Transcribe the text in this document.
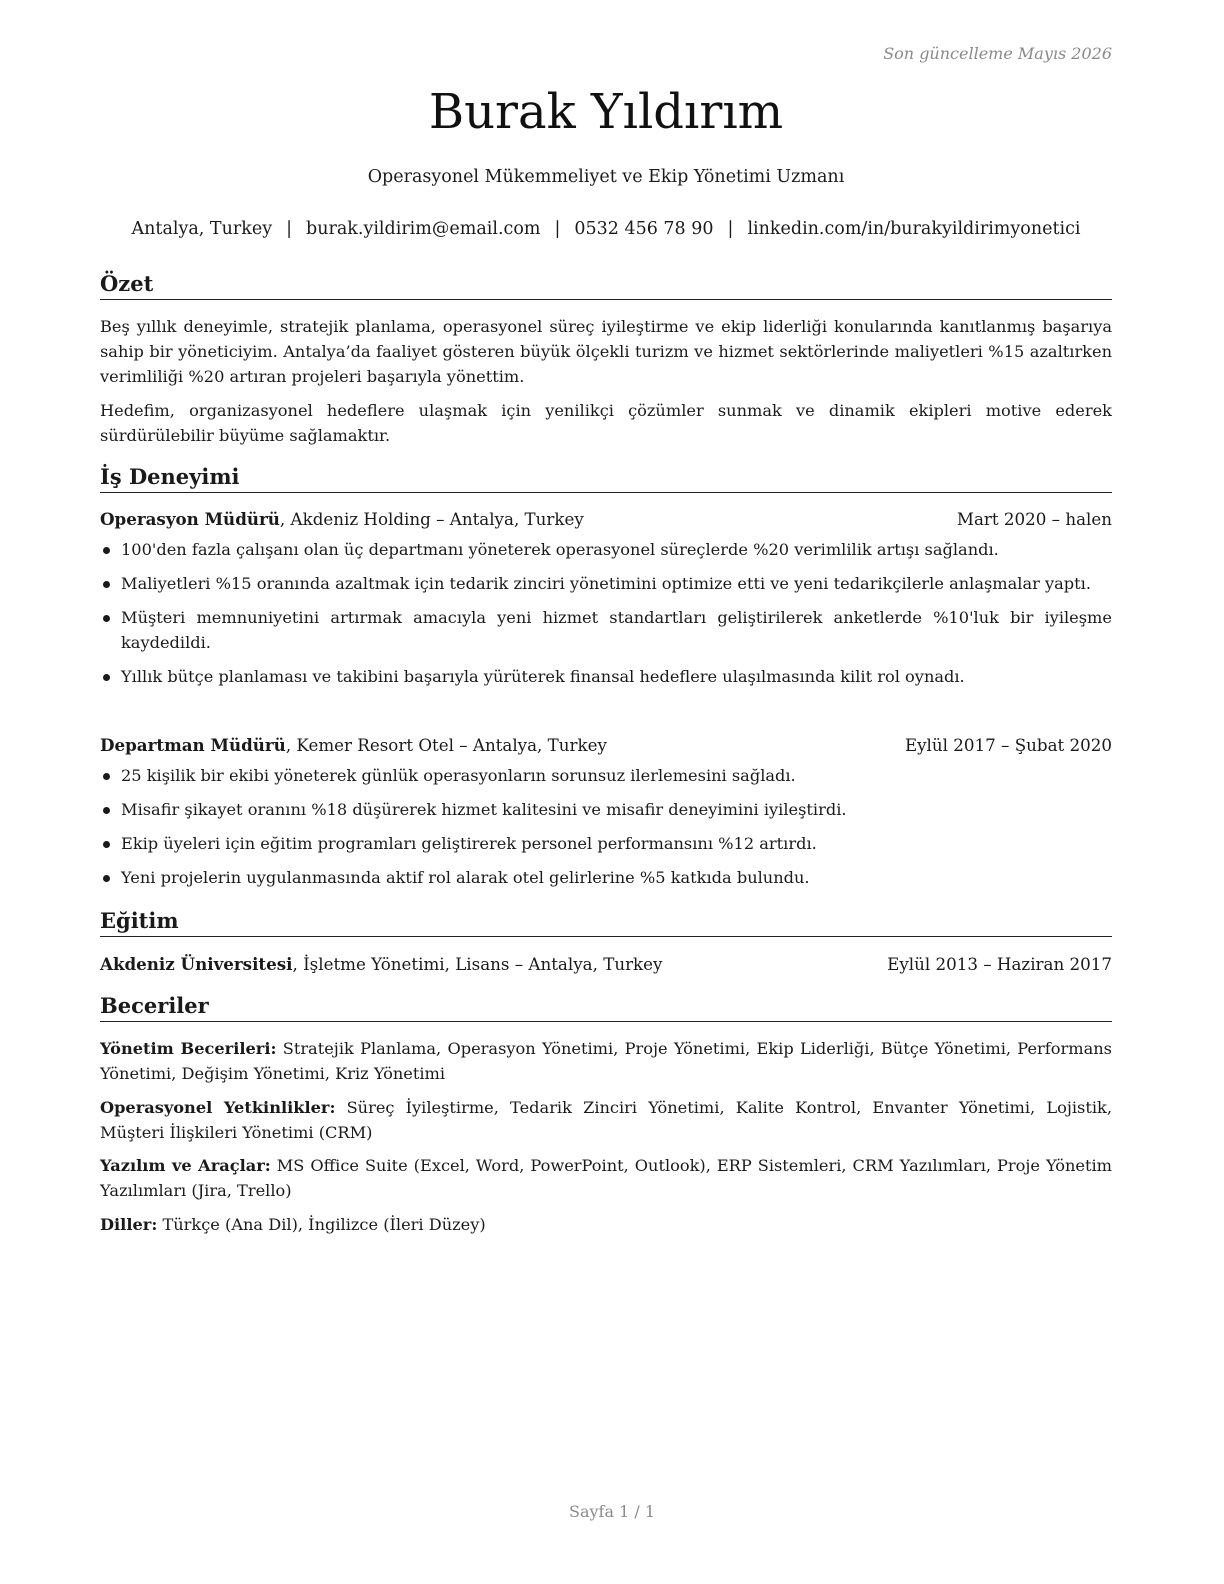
Son güncelleme Mayıs 2026
Burak Yıldırım
Operasyonel Mükemmeliyet ve Ekip Yönetimi Uzmanı
Antalya, Turkey | burak.yildirim@email.com | 0532 456 78 90 | linkedin.com/in/burakyildirimyonetici
Özet
Beş yıllık deneyimle, stratejik planlama, operasyonel süreç iyileştirme ve ekip liderliği konularında kanıtlanmış başarıya sahip bir yöneticiyim. Antalya’da faaliyet gösteren büyük ölçekli turizm ve hizmet sektörlerinde maliyetleri %15 azaltırken verimliliği %20 artıran projeleri başarıyla yönettim.
Hedefim, organizasyonel hedeflere ulaşmak için yenilikçi çözümler sunmak ve dinamik ekipleri motive ederek sürdürülebilir büyüme sağlamaktır.
İş Deneyimi
Operasyon Müdürü, Akdeniz Holding – Antalya, Turkey	Mart 2020 – halen
100'den fazla çalışanı olan üç departmanı yöneterek operasyonel süreçlerde %20 verimlilik artışı sağlandı.
Maliyetleri %15 oranında azaltmak için tedarik zinciri yönetimini optimize etti ve yeni tedarikçilerle anlaşmalar yaptı.
Müşteri memnuniyetini artırmak amacıyla yeni hizmet standartları geliştirilerek anketlerde %10'luk bir iyileşme kaydedildi.
Yıllık bütçe planlaması ve takibini başarıyla yürüterek finansal hedeflere ulaşılmasında kilit rol oynadı.
Departman Müdürü, Kemer Resort Otel – Antalya, Turkey	Eylül 2017 – Şubat 2020
25 kişilik bir ekibi yöneterek günlük operasyonların sorunsuz ilerlemesini sağladı.
Misafir şikayet oranını %18 düşürerek hizmet kalitesini ve misafir deneyimini iyileştirdi.
Ekip üyeleri için eğitim programları geliştirerek personel performansını %12 artırdı.
Yeni projelerin uygulanmasında aktif rol alarak otel gelirlerine %5 katkıda bulundu.
Eğitim
Akdeniz Üniversitesi, İşletme Yönetimi, Lisans – Antalya, Turkey	Eylül 2013 – Haziran 2017
Beceriler
Yönetim Becerileri: Stratejik Planlama, Operasyon Yönetimi, Proje Yönetimi, Ekip Liderliği, Bütçe Yönetimi, Performans Yönetimi, Değişim Yönetimi, Kriz Yönetimi
Operasyonel Yetkinlikler: Süreç İyileştirme, Tedarik Zinciri Yönetimi, Kalite Kontrol, Envanter Yönetimi, Lojistik, Müşteri İlişkileri Yönetimi (CRM)
Yazılım ve Araçlar: MS Office Suite (Excel, Word, PowerPoint, Outlook), ERP Sistemleri, CRM Yazılımları, Proje Yönetim Yazılımları (Jira, Trello)
Diller: Türkçe (Ana Dil), İngilizce (İleri Düzey)
Sayfa 1 / 1
